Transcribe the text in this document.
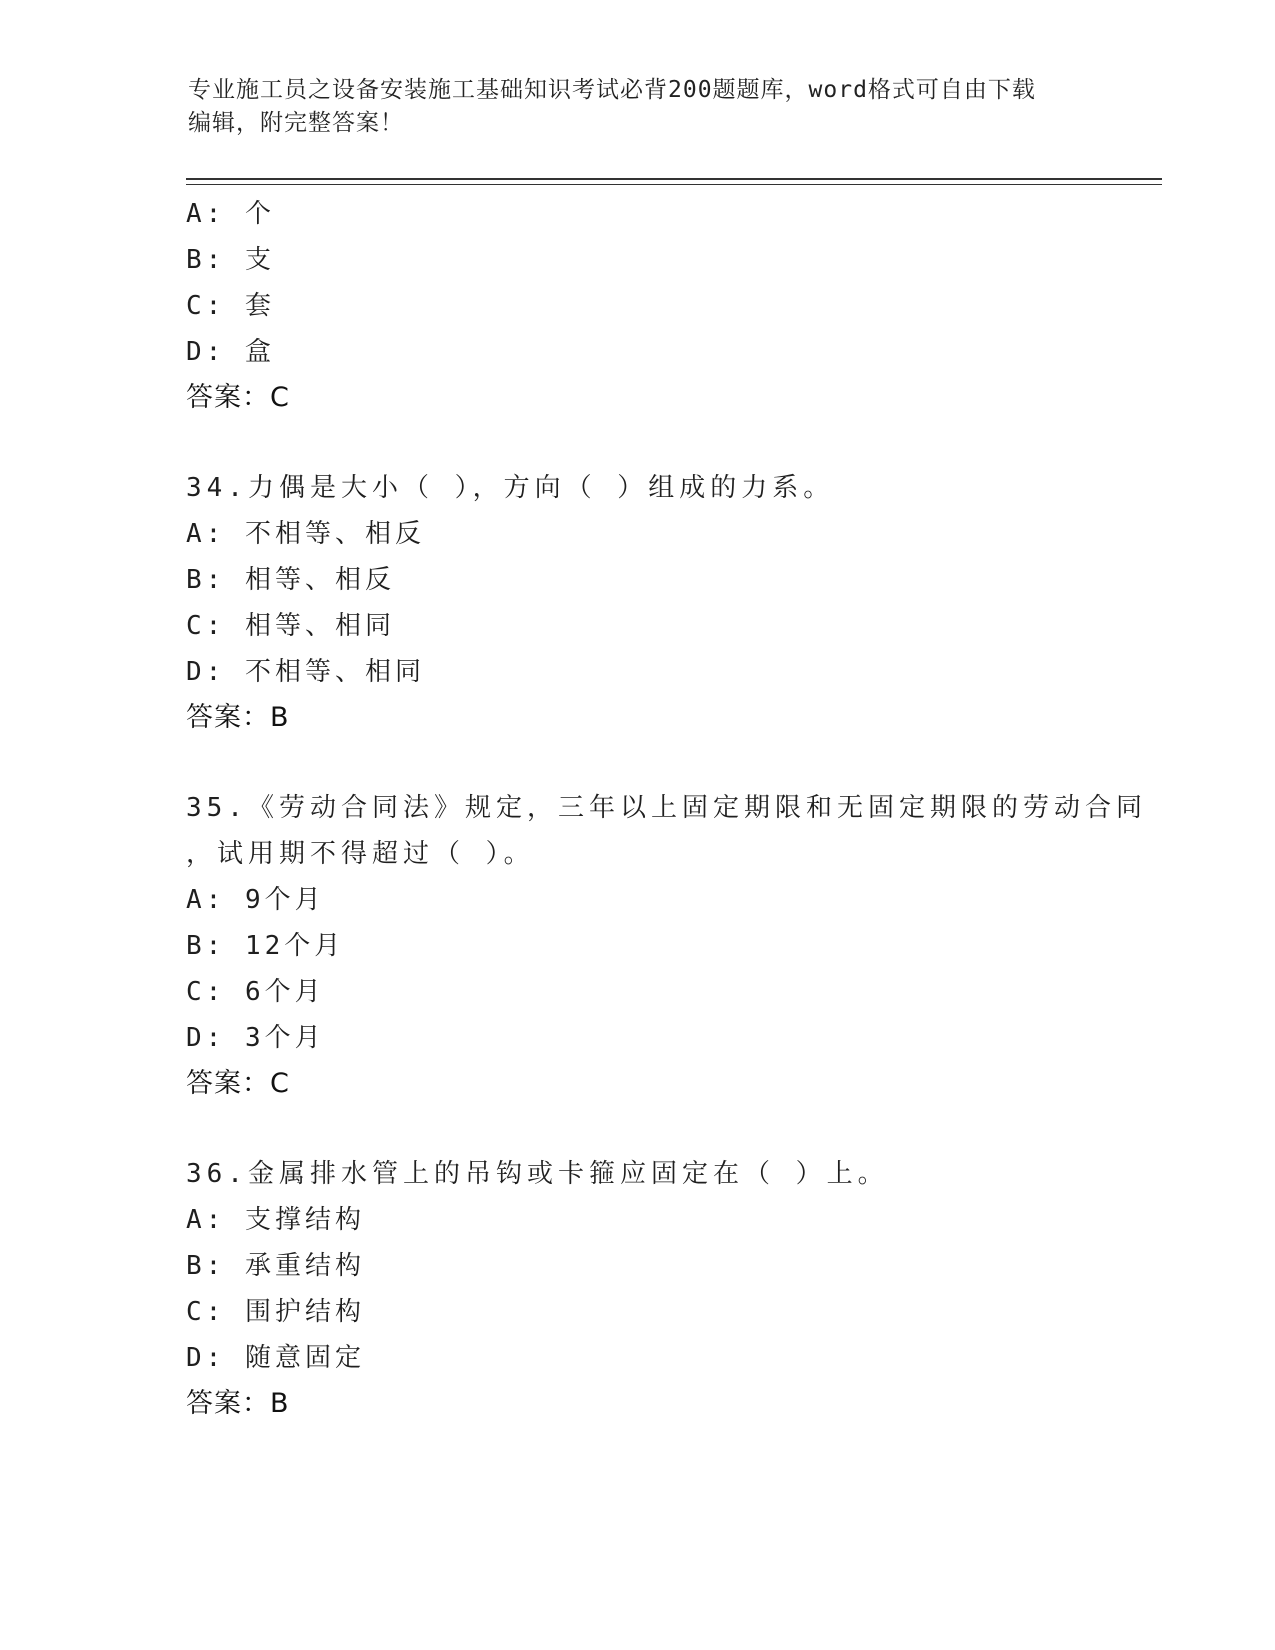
专业施工员之设备安装施工基础知识考试必背200题题库，word格式可自由下载
编辑，附完整答案！
A: 个
B: 支
C: 套
D: 盒
答案：C
34.力偶是大小（ ），方向（ ）组成的力系。
A: 不相等、相反
B: 相等、相反
C: 相等、相同
D: 不相等、相同
答案：B
35.《劳动合同法》规定，三年以上固定期限和无固定期限的劳动合同
，试用期不得超过（ ）。
A: 9个月
B: 12个月
C: 6个月
D: 3个月
答案：C
36.金属排水管上的吊钩或卡箍应固定在（ ）上。
A: 支撑结构
B: 承重结构
C: 围护结构
D: 随意固定
答案：B
